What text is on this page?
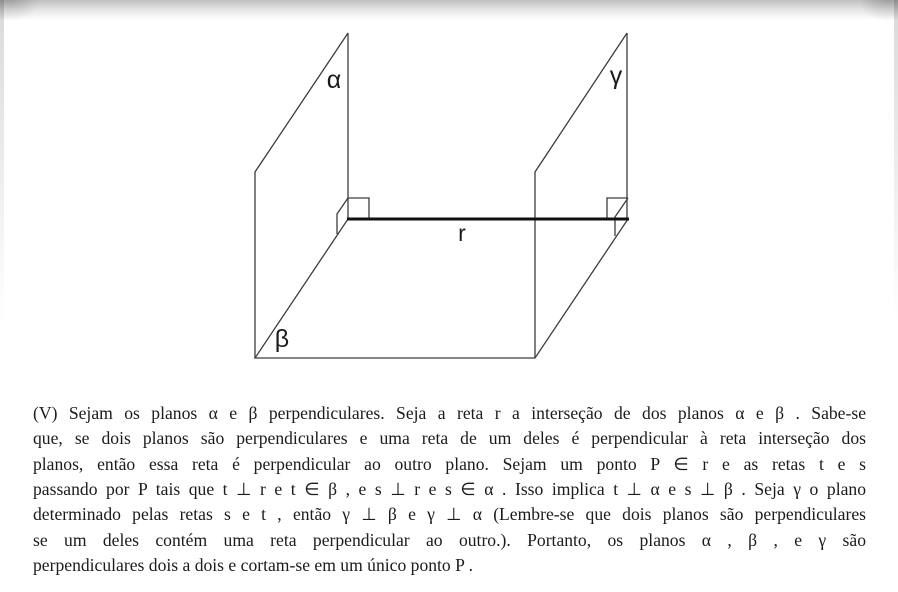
α	γ
β
r
(V) Sejam os planos α e β perpendiculares. Seja a reta r a interseção de dos planos α e β . Sabe-se
que, se dois planos são perpendiculares e uma reta de um deles é perpendicular à reta interseção dos
planos, então essa reta é perpendicular ao outro plano. Sejam um ponto P ∈ r e as retas t e s
passando por P tais que t ⊥ r e t ∈ β , e s ⊥ r e s ∈ α . Isso implica t ⊥ α e s ⊥ β . Seja γ o plano
determinado pelas retas s e t , então γ ⊥ β e γ ⊥ α (Lembre-se que dois planos são perpendiculares
se um deles contém uma reta perpendicular ao outro.). Portanto, os planos α , β , e γ são
perpendiculares dois a dois e cortam-se em um único ponto P .
